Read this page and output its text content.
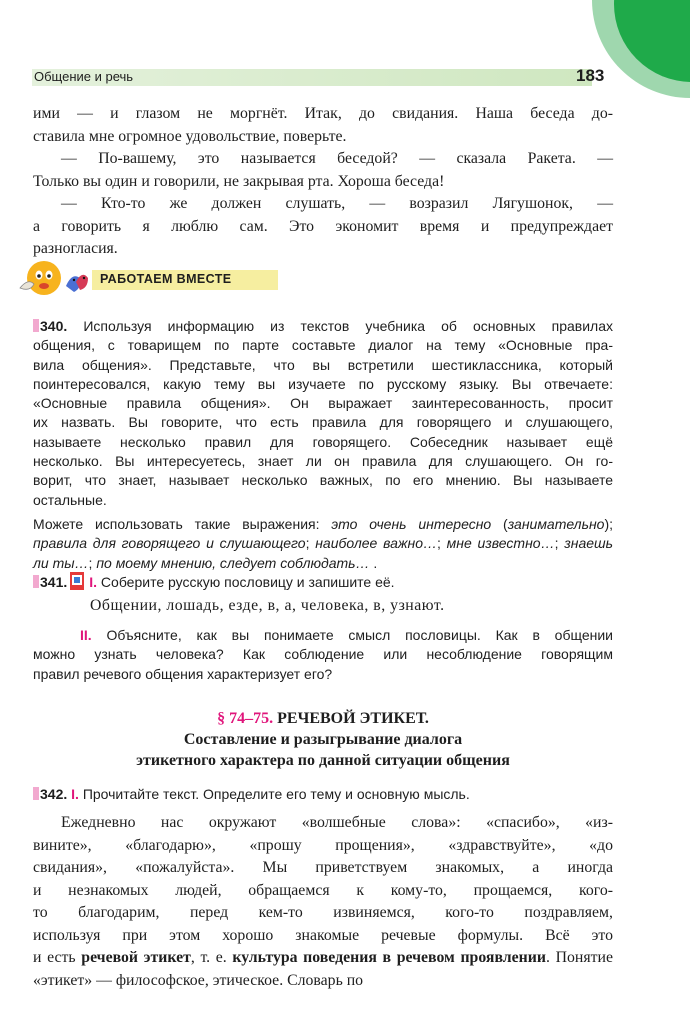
Общение и речь	183

ими — и глазом не моргнёт. Итак, до свидания. Наша беседа до-

ставила мне огромное удовольствие, поверьте.

— По-вашему, это называется беседой? — сказала Ракета. —

Только вы один и говорили, не закрывая рта. Хороша беседа!

— Кто-то же должен слушать, — возразил Лягушонок, —

а говорить я люблю сам. Это экономит время и предупреждает

разногласия.

РАБОТАЕМ ВМЕСТЕ

340. Используя информацию из текстов учебника об основных правилах

общения, с товарищем по парте составьте диалог на тему «Основные пра-

вила общения». Представьте, что вы встретили шестиклассника, который

поинтересовался, какую тему вы изучаете по русскому языку. Вы отвечаете:

«Основные правила общения». Он выражает заинтересованность, просит

их назвать. Вы говорите, что есть правила для говорящего и слушающего,

называете несколько правил для говорящего. Собеседник называет ещё

несколько. Вы интересуетесь, знает ли он правила для слушающего. Он го-

ворит, что знает, называет несколько важных, по его мнению. Вы называете

остальные.

Можете использовать такие выражения: это очень интересно (занимательно); правила для говорящего и слушающего; наиболее важно…; мне известно…; знаешь ли ты…; по моему мнению, следует соблюдать… .

341. I. Соберите русскую пословицу и запишите её.

Общении, лошадь, езде, в, а, человека, в, узнают.

II. Объясните, как вы понимаете смысл пословицы. Как в общении

можно узнать человека? Как соблюдение или несоблюдение говорящим

правил речевого общения характеризует его?

§ 74–75. РЕЧЕВОЙ ЭТИКЕТ.
Составление и разыгрывание диалога
этикетного характера по данной ситуации общения

342. I. Прочитайте текст. Определите его тему и основную мысль.

Ежедневно нас окружают «волшебные слова»: «спасибо», «из-

вините», «благодарю», «прошу прощения», «здравствуйте», «до

свидания», «пожалуйста». Мы приветствуем знакомых, а иногда

и незнакомых людей, обращаемся к кому-то, прощаемся, кого-

то благодарим, перед кем-то извиняемся, кого-то поздравляем,

используя при этом хорошо знакомые речевые формулы. Всё это

и есть речевой этикет, т. е. культура поведения в речевом проявлении. Понятие «этикет» — философское, этическое. Словарь по
